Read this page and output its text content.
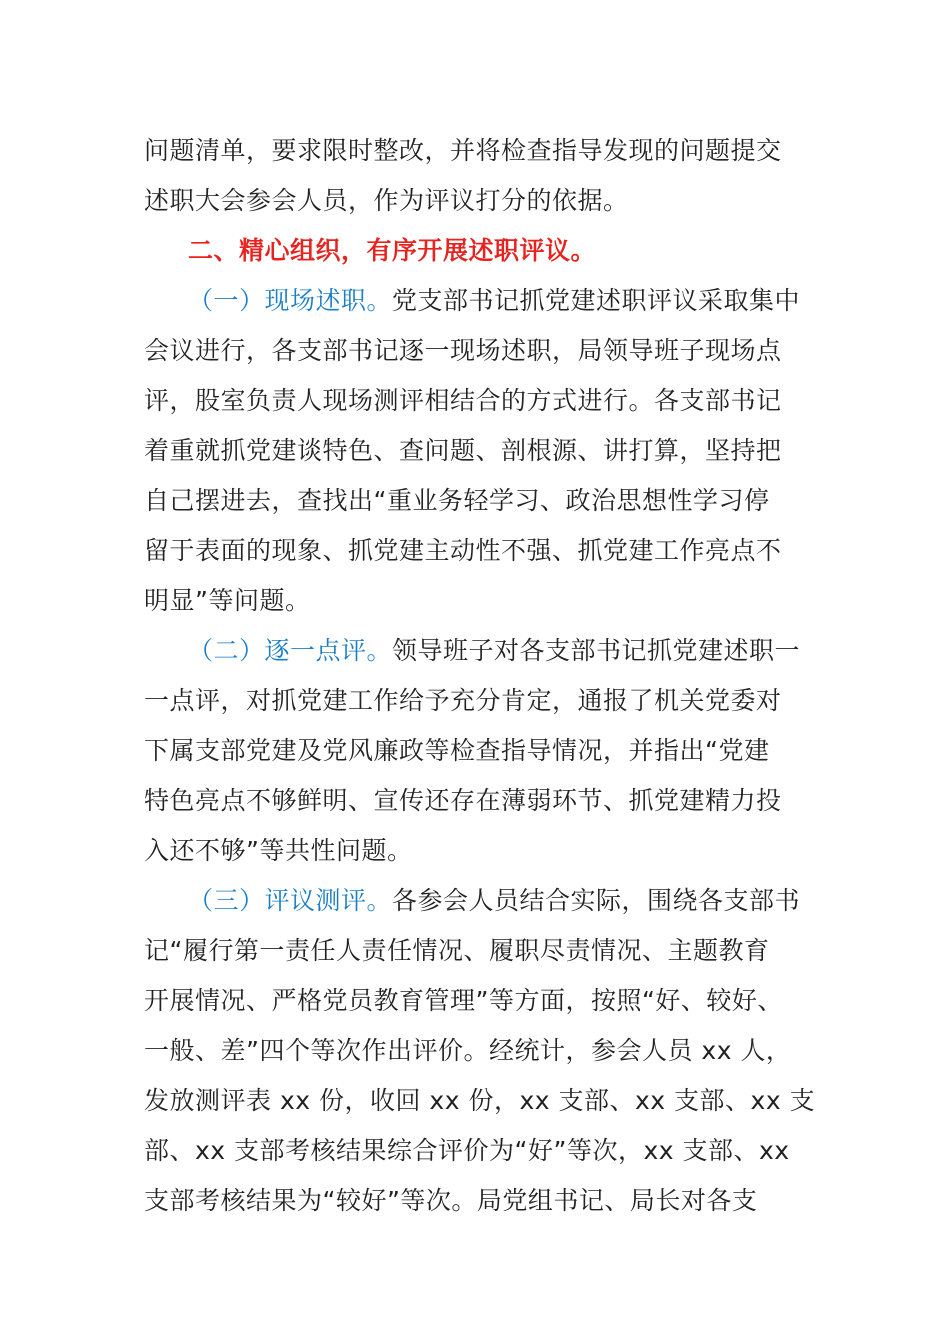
问题清单，要求限时整改，并将检查指导发现的问题提交
述职大会参会人员，作为评议打分的依据。
二、精心组织，有序开展述职评议。
（一）现场述职。党支部书记抓党建述职评议采取集中
会议进行，各支部书记逐一现场述职，局领导班子现场点
评，股室负责人现场测评相结合的方式进行。各支部书记
着重就抓党建谈特色、查问题、剖根源、讲打算，坚持把
自己摆进去，查找出“重业务轻学习、政治思想性学习停
留于表面的现象、抓党建主动性不强、抓党建工作亮点不
明显”等问题。
（二）逐一点评。领导班子对各支部书记抓党建述职一
一点评，对抓党建工作给予充分肯定，通报了机关党委对
下属支部党建及党风廉政等检查指导情况，并指出“党建
特色亮点不够鲜明、宣传还存在薄弱环节、抓党建精力投
入还不够”等共性问题。
（三）评议测评。各参会人员结合实际，围绕各支部书
记“履行第一责任人责任情况、履职尽责情况、主题教育
开展情况、严格党员教育管理”等方面，按照“好、较好、
一般、差”四个等次作出评价。经统计，参会人员 xx 人，
发放测评表 xx 份，收回 xx 份，xx 支部、xx 支部、xx 支
部、xx 支部考核结果综合评价为“好”等次，xx 支部、xx
支部考核结果为“较好”等次。局党组书记、局长对各支
